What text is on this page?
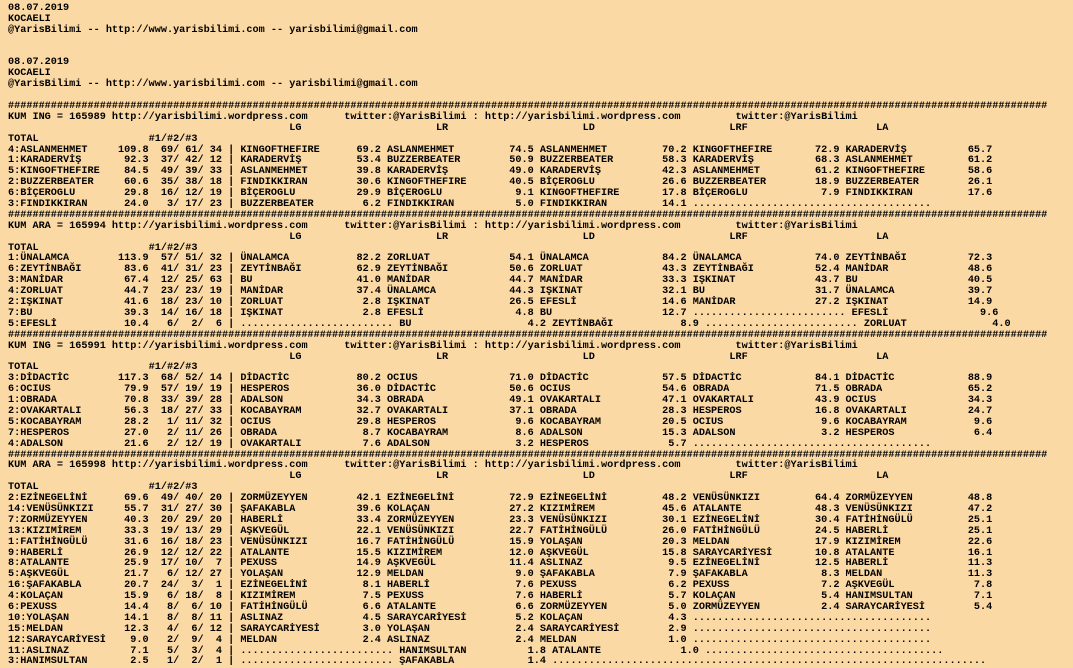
08.07.2019
KOCAELI
@YarisBilimi -- http://www.yarisbilimi.com -- yarisbilimi@gmail.com
08.07.2019
KOCAELI
@YarisBilimi -- http://www.yarisbilimi.com -- yarisbilimi@gmail.com
##########################################################################################################################################################################
KUM ING = 165989 http://yarisbilimi.wordpress.com      twitter:@YarisBilimi : http://yarisbilimi.wordpress.com         twitter:@YarisBilimi
LG                      LR                      LD                      LRF                     LA
TOTAL                  #1/#2/#3
4:ASLANMEHMET     109.8  69/ 61/ 34 | KINGOFTHEFIRE      69.2 ASLANMEHMET         74.5 ASLANMEHMET         70.2 KINGOFTHEFIRE       72.9 KARADERVİŞ          65.7
1:KARADERVİŞ       92.3  37/ 42/ 12 | KARADERVİŞ         53.4 BUZZERBEATER        50.9 BUZZERBEATER        58.3 KARADERVİŞ          68.3 ASLANMEHMET         61.2
5:KINGOFTHEFIRE    84.5  49/ 39/ 33 | ASLANMEHMET        39.8 KARADERVİŞ          49.0 KARADERVİŞ          42.3 ASLANMEHMET         61.2 KINGOFTHEFIRE       58.6
2:BUZZERBEATER     60.6  35/ 38/ 18 | FINDIKKIRAN        30.6 KINGOFTHEFIRE       40.5 BİÇEROGLU           26.6 BUZZERBEATER        18.9 BUZZERBEATER        26.1
6:BİÇEROGLU        29.8  16/ 12/ 19 | BİÇEROGLU          29.9 BİÇEROGLU            9.1 KINGOFTHEFIRE       17.8 BİÇEROGLU            7.9 FINDIKKIRAN         17.6
3:FINDIKKIRAN      24.0   3/ 17/ 23 | BUZZERBEATER        6.2 FINDIKKIRAN          5.0 FINDIKKIRAN         14.1 .......................................
##########################################################################################################################################################################
KUM ARA = 165994 http://yarisbilimi.wordpress.com      twitter:@YarisBilimi : http://yarisbilimi.wordpress.com         twitter:@YarisBilimi
LG                      LR                      LD                      LRF                     LA
TOTAL                  #1/#2/#3
1:ÜNALAMCA        113.9  57/ 51/ 32 | ÜNALAMCA           82.2 ZORLUAT             54.1 ÜNALAMCA            84.2 ÜNALAMCA            74.0 ZEYTİNBAĞI          72.3
6:ZEYTİNBAĞI       83.6  41/ 31/ 23 | ZEYTİNBAĞI         62.9 ZEYTİNBAĞI          50.6 ZORLUAT             43.3 ZEYTİNBAĞI          52.4 MANİDAR             48.6
3:MANİDAR          67.4  12/ 25/ 63 | BU                 41.0 MANİDAR             44.7 MANİDAR             33.3 IŞKINAT             43.7 BU                  40.5
4:ZORLUAT          44.7  23/ 23/ 19 | MANİDAR            37.4 ÜNALAMCA            44.3 IŞKINAT             32.1 BU                  31.7 ÜNALAMCA            39.7
2:IŞKINAT          41.6  18/ 23/ 10 | ZORLUAT             2.8 IŞKINAT             26.5 EFESLİ              14.6 MANİDAR             27.2 IŞKINAT             14.9
7:BU               39.3  14/ 16/ 18 | IŞKINAT             2.8 EFESLİ               4.8 BU                  12.7 ......................... EFESLİ               9.6
5:EFESLİ           10.4   6/  2/  6 | ......................... BU                   4.2 ZEYTİNBAĞI           8.9 ......................... ZORLUAT              4.0
##########################################################################################################################################################################
KUM ING = 165991 http://yarisbilimi.wordpress.com      twitter:@YarisBilimi : http://yarisbilimi.wordpress.com         twitter:@YarisBilimi
LG                      LR                      LD                      LRF                     LA
TOTAL                  #1/#2/#3
3:DİDACTİC        117.3  68/ 52/ 14 | DİDACTİC           80.2 OCIUS               71.0 DİDACTİC            57.5 DİDACTİC            84.1 DİDACTİC            88.9
6:OCIUS            79.9  57/ 19/ 19 | HESPEROS           36.0 DİDACTİC            50.6 OCIUS               54.6 OBRADA              71.5 OBRADA              65.2
1:OBRADA           70.8  33/ 39/ 28 | ADALSON            34.3 OBRADA              49.1 OVAKARTALI          47.1 OVAKARTALI          43.9 OCIUS               34.3
2:OVAKARTALI       56.3  18/ 27/ 33 | KOCABAYRAM         32.7 OVAKARTALI          37.1 OBRADA              28.3 HESPEROS            16.8 OVAKARTALI          24.7
5:KOCABAYRAM       28.2   1/ 11/ 32 | OCIUS              29.8 HESPEROS             9.6 KOCABAYRAM          20.5 OCIUS                9.6 KOCABAYRAM           9.6
7:HESPEROS         27.0   2/ 11/ 26 | OBRADA              8.7 KOCABAYRAM           8.6 ADALSON             15.3 ADALSON              3.2 HESPEROS             6.4
4:ADALSON          21.6   2/ 12/ 19 | OVAKARTALI          7.6 ADALSON              3.2 HESPEROS             5.7 .......................................
##########################################################################################################################################################################
KUM ARA = 165998 http://yarisbilimi.wordpress.com      twitter:@YarisBilimi : http://yarisbilimi.wordpress.com         twitter:@YarisBilimi
LG                      LR                      LD                      LRF                     LA
TOTAL                  #1/#2/#3
2:EZİNEGELİNİ      69.6  49/ 40/ 20 | ZORMÜZEYYEN        42.1 EZİNEGELİNİ         72.9 EZİNEGELİNİ         48.2 VENÜSÜNKIZI         64.4 ZORMÜZEYYEN         48.8
14:VENÜSÜNKIZI     55.7  31/ 27/ 30 | ŞAFAKABLA          39.6 KOLAÇAN             27.2 KIZIMİREM           45.6 ATALANTE            48.3 VENÜSÜNKIZI         47.2
7:ZORMÜZEYYEN      40.3  20/ 29/ 20 | HABERLİ            33.4 ZORMÜZEYYEN         23.3 VENÜSÜNKIZI         30.1 EZİNEGELİNİ         30.4 FATİHİNGÜLÜ         25.1
13:KIZIMİREM       33.3  19/ 13/ 29 | AŞKVEGÜL           22.1 VENÜSÜNKIZI         22.7 FATİHİNGÜLÜ         26.0 FATİHİNGÜLÜ         24.5 HABERLİ             25.1
1:FATİHİNGÜLÜ      31.6  16/ 18/ 23 | VENÜSÜNKIZI        16.7 FATİHİNGÜLÜ         15.9 YOLAŞAN             20.3 MELDAN              17.9 KIZIMİREM           22.6
9:HABERLİ          26.9  12/ 12/ 22 | ATALANTE           15.5 KIZIMİREM           12.0 AŞKVEGÜL            15.8 SARAYCARİYESİ       10.8 ATALANTE            16.1
8:ATALANTE         25.9  17/ 10/  7 | PEXUSS             14.9 AŞKVEGÜL            11.4 ASLINAZ              9.5 EZİNEGELİNİ         12.5 HABERLİ             11.3
5:AŞKVEGÜL         21.7   6/ 12/ 27 | YOLAŞAN            12.9 MELDAN               9.0 ŞAFAKABLA            7.9 ŞAFAKABLA            8.3 MELDAN              11.3
16:ŞAFAKABLA       20.7  24/  3/  1 | EZİNEGELİNİ         8.1 HABERLİ              7.6 PEXUSS               6.2 PEXUSS               7.2 AŞKVEGÜL             7.8
4:KOLAÇAN          15.9   6/ 18/  8 | KIZIMİREM           7.5 PEXUSS               7.6 HABERLİ              5.7 KOLAÇAN              5.4 HANIMSULTAN          7.1
6:PEXUSS           14.4   8/  6/ 10 | FATİHİNGÜLÜ         6.6 ATALANTE             6.6 ZORMÜZEYYEN          5.0 ZORMÜZEYYEN          2.4 SARAYCARİYESİ        5.4
10:YOLAŞAN         14.1   8/  8/ 11 | ASLINAZ             4.5 SARAYCARİYESİ        5.2 KOLAÇAN              4.3 .......................................
15:MELDAN          12.3   4/  6/ 12 | SARAYCARİYESİ       3.0 YOLAŞAN              2.4 SARAYCARİYESİ        2.9 .......................................
12:SARAYCARİYESİ    9.0   2/  9/  4 | MELDAN              2.4 ASLINAZ              2.4 MELDAN               1.0 .......................................
11:ASLINAZ          7.1   5/  3/  4 | ......................... HANIMSULTAN          1.8 ATALANTE             1.0 .......................................
3:HANIMSULTAN       2.5   1/  2/  1 | ......................... ŞAFAKABLA            1.4 .......................................................................
